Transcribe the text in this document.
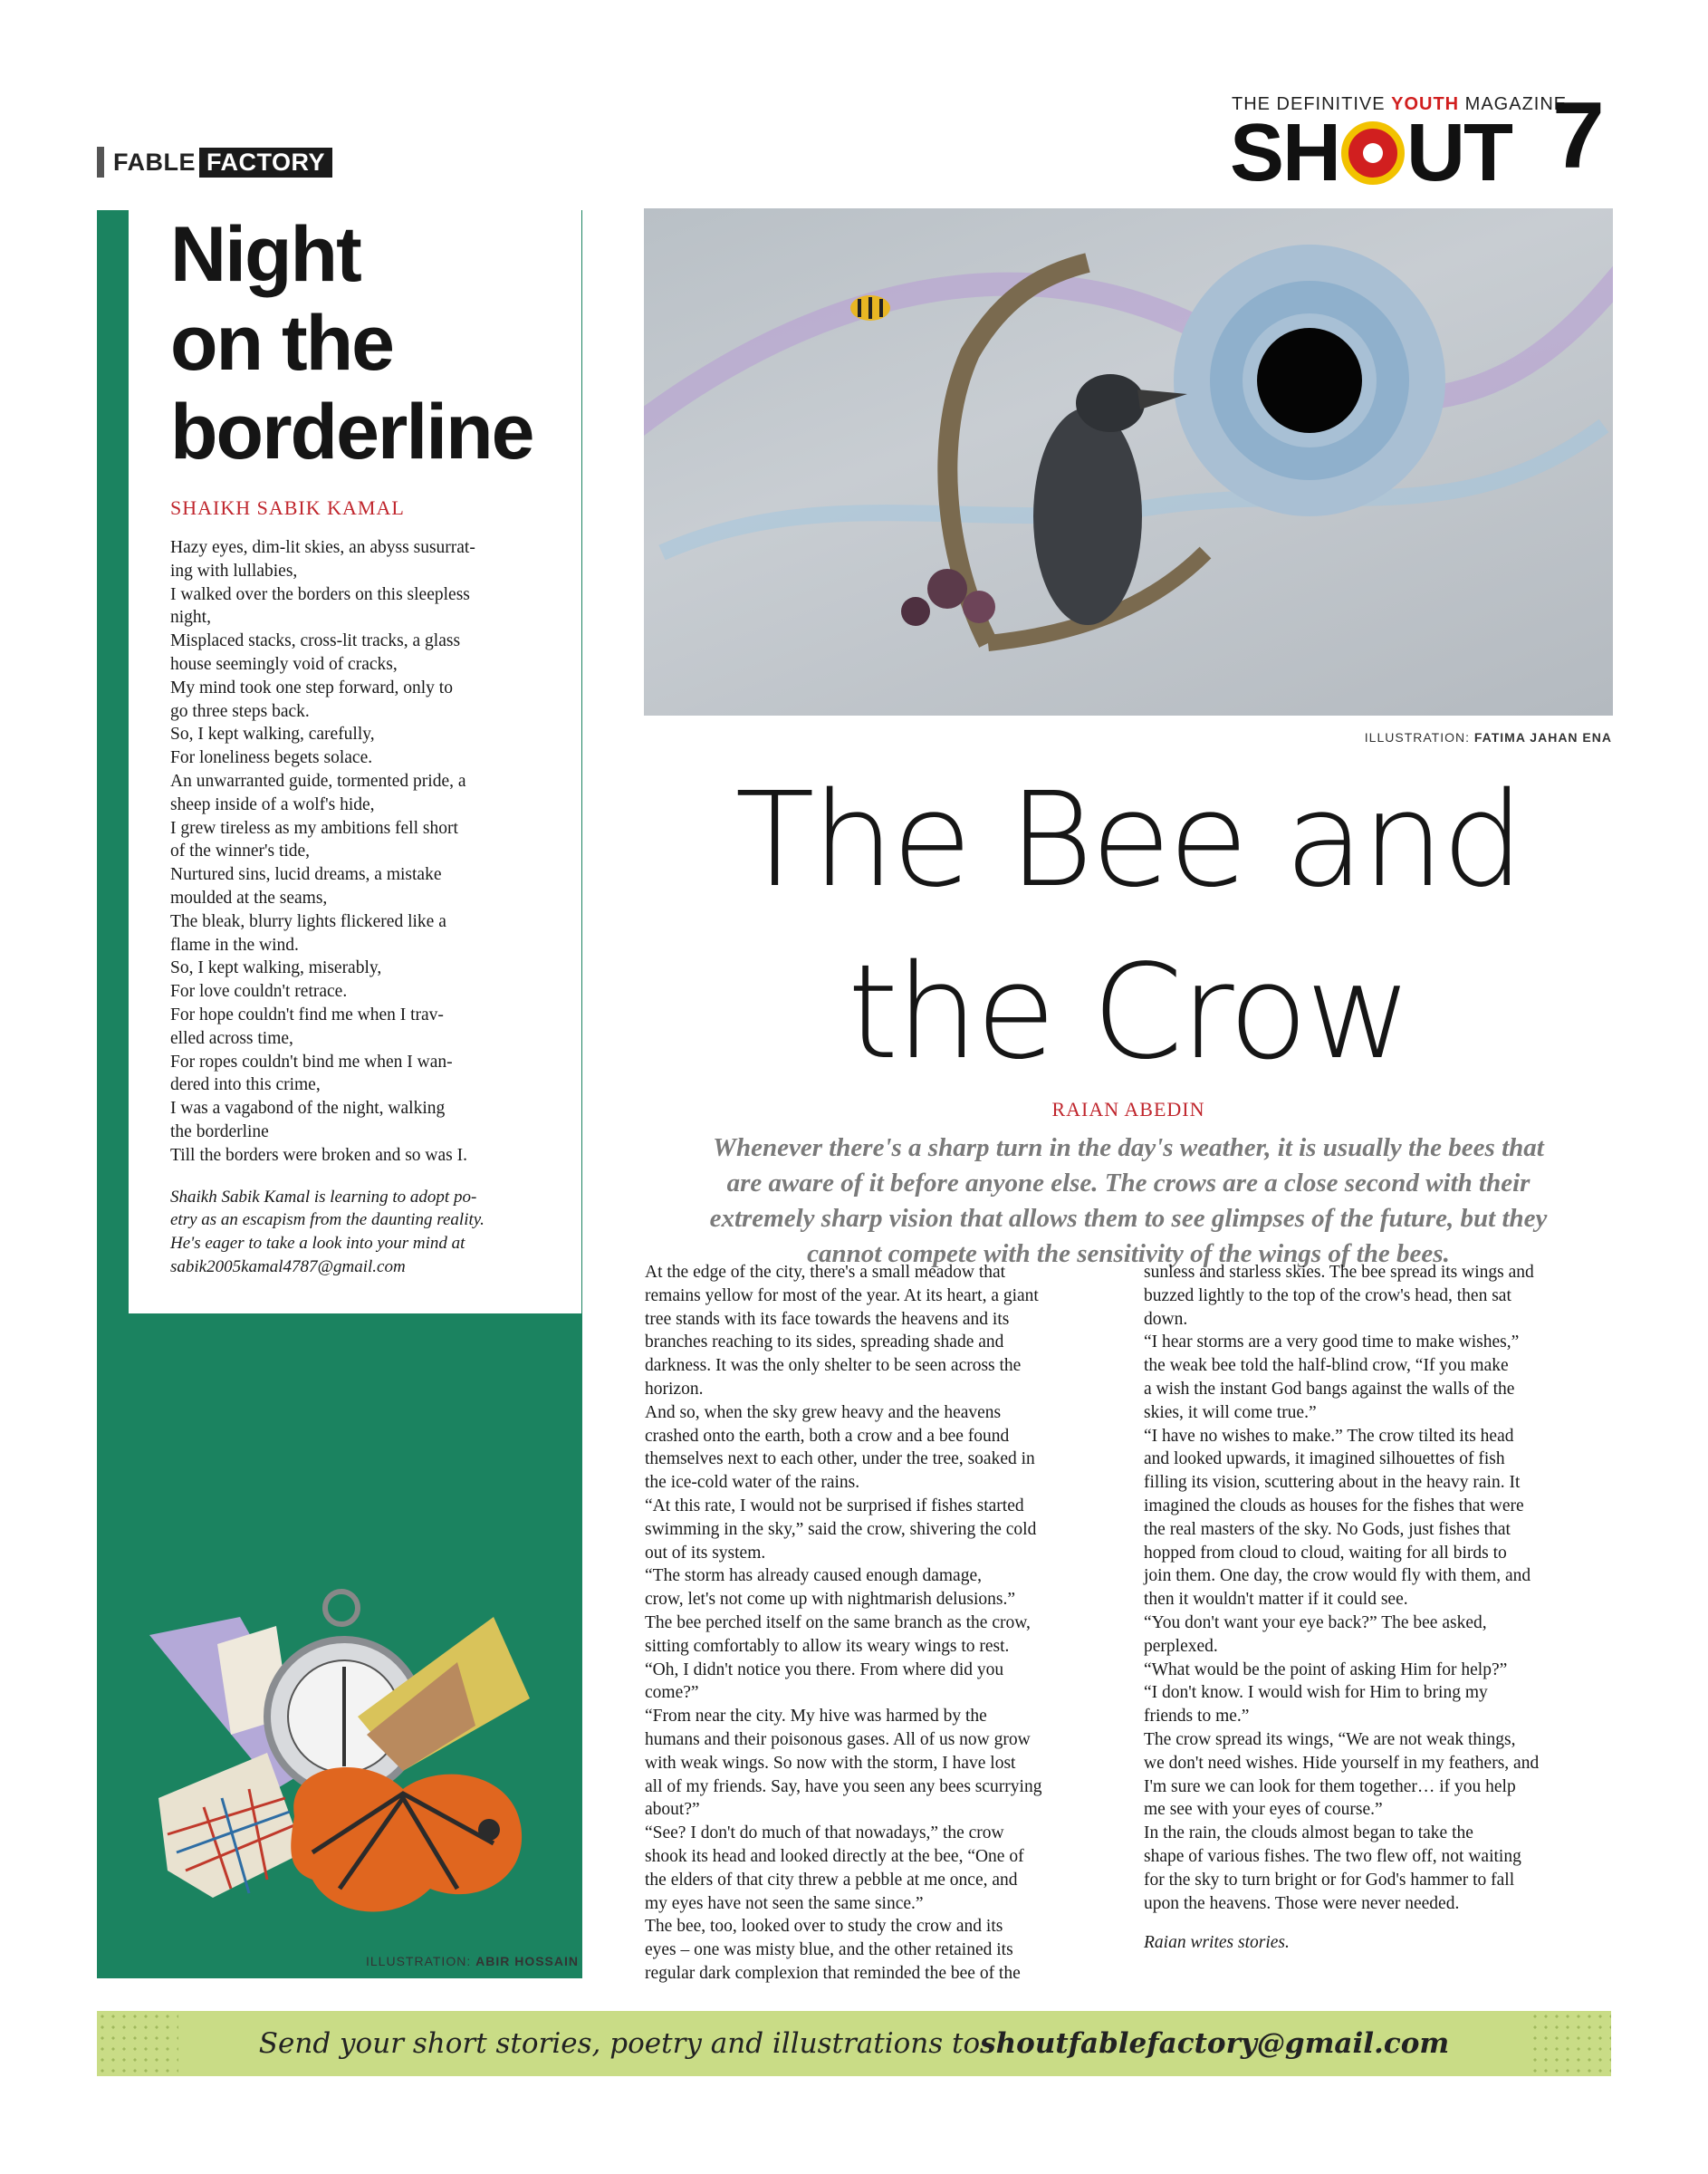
THE DEFINITIVE YOUTH MAGAZINE
SH UT 7
FABLE FACTORY
Night
on the
borderline
SHAIKH SABIK KAMAL
Hazy eyes, dim-lit skies, an abyss susurrat-
ing with lullabies,
I walked over the borders on this sleepless
night,
Misplaced stacks, cross-lit tracks, a glass
house seemingly void of cracks,
My mind took one step forward, only to
go three steps back.
So, I kept walking, carefully,
For loneliness begets solace.
An unwarranted guide, tormented pride, a
sheep inside of a wolf's hide,
I grew tireless as my ambitions fell short
of the winner's tide,
Nurtured sins, lucid dreams, a mistake
moulded at the seams,
The bleak, blurry lights flickered like a
flame in the wind.
So, I kept walking, miserably,
For love couldn't retrace.
For hope couldn't find me when I trav-
elled across time,
For ropes couldn't bind me when I wan-
dered into this crime,
I was a vagabond of the night, walking
the borderline
Till the borders were broken and so was I.
Shaikh Sabik Kamal is learning to adopt po-
etry as an escapism from the daunting reality.
He's eager to take a look into your mind at
sabik2005kamal4787@gmail.com
ILLUSTRATION: ABIR HOSSAIN
ILLUSTRATION: FATIMA JAHAN ENA
The Bee and
the Crow
RAIAN ABEDIN
Whenever there's a sharp turn in the day's weather, it is usually the bees that
are aware of it before anyone else. The crows are a close second with their
extremely sharp vision that allows them to see glimpses of the future, but they
cannot compete with the sensitivity of the wings of the bees.
At the edge of the city, there's a small meadow that
remains yellow for most of the year. At its heart, a giant
tree stands with its face towards the heavens and its
branches reaching to its sides, spreading shade and
darkness. It was the only shelter to be seen across the
horizon.
And so, when the sky grew heavy and the heavens
crashed onto the earth, both a crow and a bee found
themselves next to each other, under the tree, soaked in
the ice-cold water of the rains.
“At this rate, I would not be surprised if fishes started
swimming in the sky,” said the crow, shivering the cold
out of its system.
“The storm has already caused enough damage,
crow, let's not come up with nightmarish delusions.”
The bee perched itself on the same branch as the crow,
sitting comfortably to allow its weary wings to rest.
“Oh, I didn't notice you there. From where did you
come?”
“From near the city. My hive was harmed by the
humans and their poisonous gases. All of us now grow
with weak wings. So now with the storm, I have lost
all of my friends. Say, have you seen any bees scurrying
about?”
“See? I don't do much of that nowadays,” the crow
shook its head and looked directly at the bee, “One of
the elders of that city threw a pebble at me once, and
my eyes have not seen the same since.”
The bee, too, looked over to study the crow and its
eyes – one was misty blue, and the other retained its
regular dark complexion that reminded the bee of the
sunless and starless skies. The bee spread its wings and
buzzed lightly to the top of the crow's head, then sat
down.
“I hear storms are a very good time to make wishes,”
the weak bee told the half-blind crow, “If you make
a wish the instant God bangs against the walls of the
skies, it will come true.”
“I have no wishes to make.” The crow tilted its head
and looked upwards, it imagined silhouettes of fish
filling its vision, scuttering about in the heavy rain. It
imagined the clouds as houses for the fishes that were
the real masters of the sky. No Gods, just fishes that
hopped from cloud to cloud, waiting for all birds to
join them. One day, the crow would fly with them, and
then it wouldn't matter if it could see.
“You don't want your eye back?” The bee asked,
perplexed.
“What would be the point of asking Him for help?”
“I don't know. I would wish for Him to bring my
friends to me.”
The crow spread its wings, “We are not weak things,
we don't need wishes. Hide yourself in my feathers, and
I'm sure we can look for them together… if you help
me see with your eyes of course.”
In the rain, the clouds almost began to take the
shape of various fishes. The two flew off, not waiting
for the sky to turn bright or for God's hammer to fall
upon the heavens. Those were never needed.
Raian writes stories.
Send your short stories, poetry and illustrations to shoutfablefactory@gmail.com
